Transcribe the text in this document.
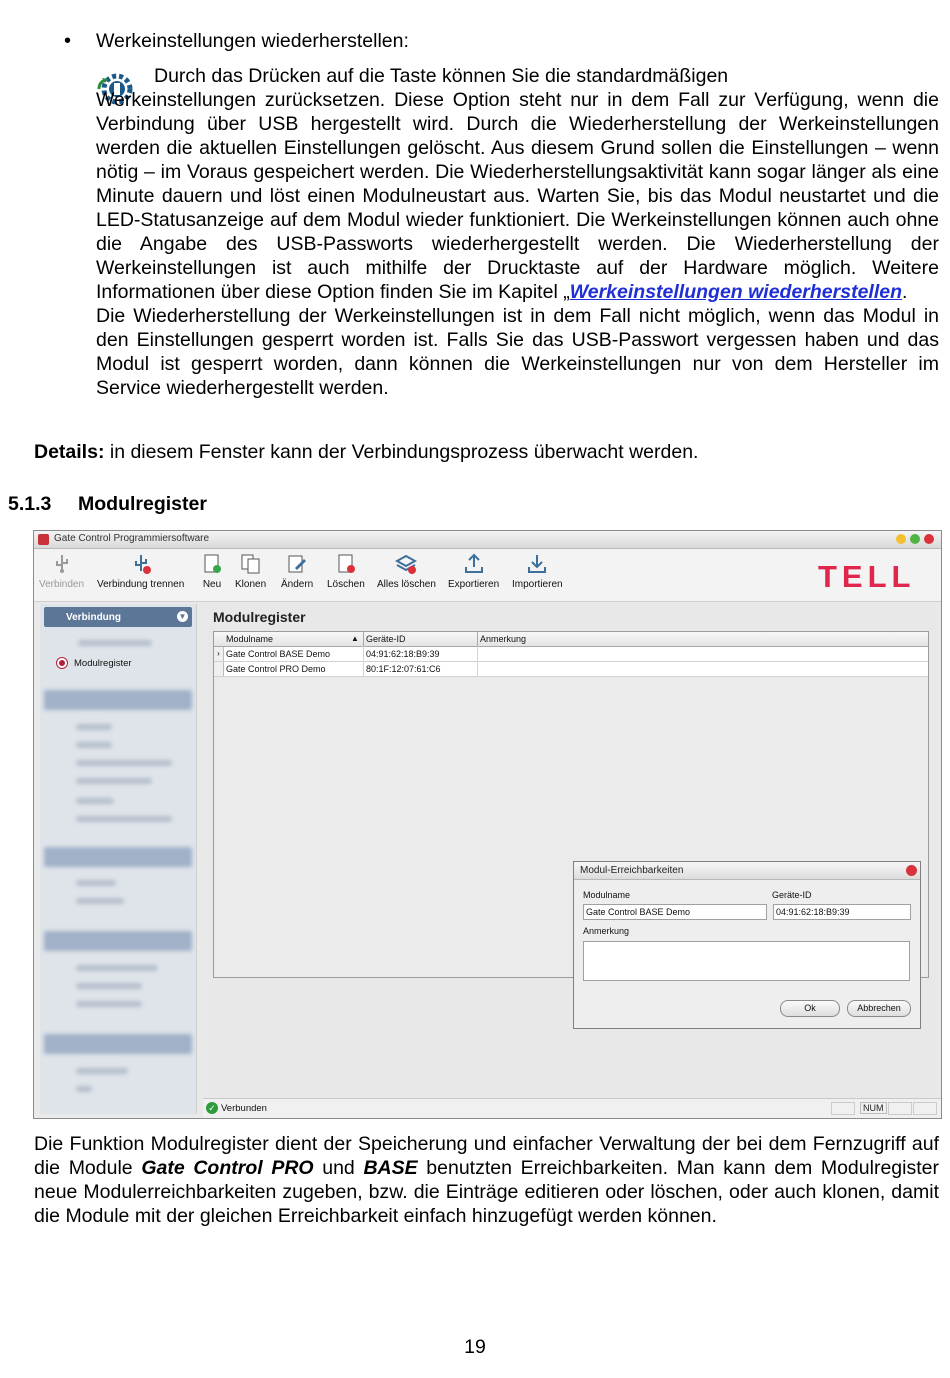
• Werkeinstellungen wiederherstellen:
Durch das Drücken auf die Taste können Sie die standardmäßigen
Werkeinstellungen zurücksetzen. Diese Option steht nur in dem Fall zur Verfügung, wenn die Verbindung über USB hergestellt wird. Durch die Wiederherstellung der Werkeinstellungen werden die aktuellen Einstellungen gelöscht. Aus diesem Grund sollen die Einstellungen – wenn nötig – im Voraus gespeichert werden. Die Wiederherstellungsaktivität kann sogar länger als eine Minute dauern und löst einen Modulneustart aus. Warten Sie, bis das Modul neustartet und die LED-Statusanzeige auf dem Modul wieder funktioniert. Die Werkeinstellungen können auch ohne die Angabe des USB-Passworts wiederhergestellt werden. Die Wiederherstellung der Werkeinstellungen ist auch mithilfe der Drucktaste auf der Hardware möglich. Weitere Informationen über diese Option finden Sie im Kapitel „Werkeinstellungen wiederherstellen.
Die Wiederherstellung der Werkeinstellungen ist in dem Fall nicht möglich, wenn das Modul in den Einstellungen gesperrt worden ist. Falls Sie das USB-Passwort vergessen haben und das Modul ist gesperrt worden, dann können die Werkeinstellungen nur von dem Hersteller im Service wiederhergestellt werden.
Details: in diesem Fenster kann der Verbindungsprozess überwacht werden.
5.1.3 Modulregister
Gate Control Programmiersoftware
Verbinden Verbindung trennen Neu Klonen Ändern Löschen Alles löschen Exportieren Importieren	TELL
Verbindung	▼
Modulregister
Modulregister
Modulname	▲ Geräte-ID	Anmerkung
› Gate Control BASE Demo	04:91:62:18:B9:39
Gate Control PRO Demo	80:1F:12:07:61:C6
Modul-Erreichbarkeiten
Modulname
Gate Control BASE Demo
Geräte-ID
04:91:62:18:B9:39
Anmerkung
Ok	Abbrechen
✓ Verbunden	NUM
Die Funktion Modulregister dient der Speicherung und einfacher Verwaltung der bei dem Fernzugriff auf die Module Gate Control PRO und BASE benutzten Erreichbarkeiten. Man kann dem Modulregister neue Modulerreichbarkeiten zugeben, bzw. die Einträge editieren oder löschen, oder auch klonen, damit die Module mit der gleichen Erreichbarkeit einfach hinzugefügt werden können.
19
